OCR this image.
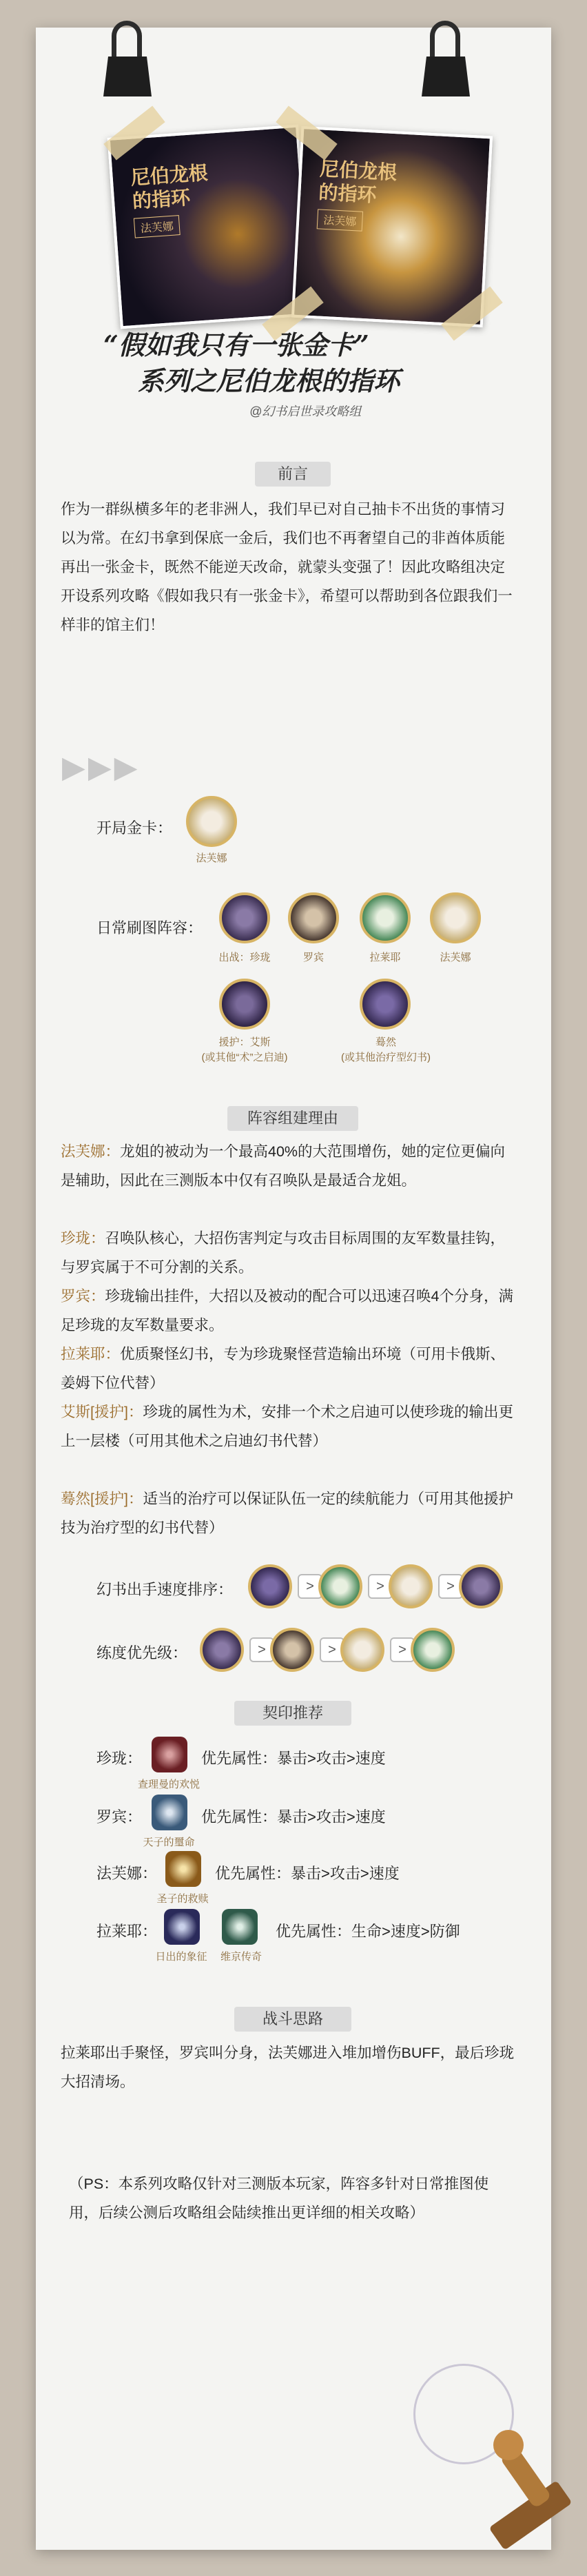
尼伯龙根
的指环
法芙娜
尼伯龙根
的指环
法芙娜
“假如我只有一张金卡”
系列之尼伯龙根的指环
@幻书启世录攻略组
前言
作为一群纵横多年的老非洲人，我们早已对自己抽卡不出货的事情习以为常。在幻书拿到保底一金后，我们也不再奢望自己的非酋体质能再出一张金卡，既然不能逆天改命，就蒙头变强了！因此攻略组决定开设系列攻略《假如我只有一张金卡》，希望可以帮助到各位跟我们一样非的馆主们！
▶▶▶
开局金卡：
法芙娜
日常刷图阵容：
出战：珍珑	罗宾	拉莱耶	法芙娜
援护：艾斯
(或其他“术”之启迪)
蓦然
(或其他治疗型幻书)
阵容组建理由
法芙娜：龙姐的被动为一个最高40%的大范围增伤，她的定位更偏向是辅助，因此在三测版本中仅有召唤队是最适合龙姐。
珍珑：召唤队核心，大招伤害判定与攻击目标周围的友军数量挂钩，与罗宾属于不可分割的关系。
罗宾：珍珑输出挂件，大招以及被动的配合可以迅速召唤4个分身，满足珍珑的友军数量要求。
拉莱耶：优质聚怪幻书，专为珍珑聚怪营造输出环境（可用卡俄斯、姜姆下位代替）
艾斯[援护]：珍珑的属性为术，安排一个术之启迪可以使珍珑的输出更上一层楼（可用其他术之启迪幻书代替）
蓦然[援护]：适当的治疗可以保证队伍一定的续航能力（可用其他援护技为治疗型的幻书代替）
幻书出手速度排序：	>	>	>
练度优先级：	>	>	>
契印推荐
珍珑：
查理曼的欢悦
优先属性：暴击>攻击>速度
罗宾：
天子的璽命
优先属性：暴击>攻击>速度
法芙娜：
圣子的救赎
优先属性：暴击>攻击>速度
拉莱耶：
日出的象征	维京传奇
优先属性：生命>速度>防御
战斗思路
拉莱耶出手聚怪，罗宾叫分身，法芙娜进入堆加增伤BUFF，最后珍珑大招清场。
（PS：本系列攻略仅针对三测版本玩家，阵容多针对日常推图使用，后续公测后攻略组会陆续推出更详细的相关攻略）
